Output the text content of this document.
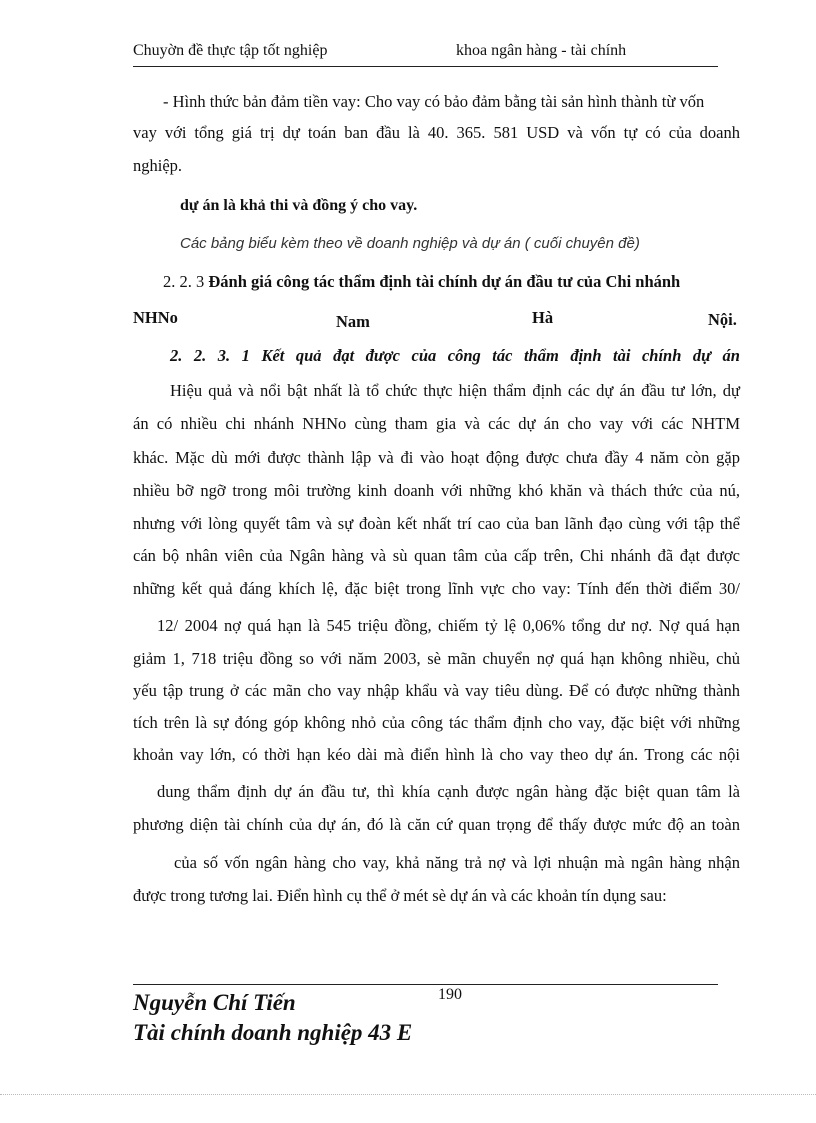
Chuyờn đề thực tập tốt nghiệp	khoa ngân hàng - tài chính
- Hình thức bản đảm tiền vay: Cho vay có bảo đảm bằng tài sản hình thành từ vốn
vay với tổng giá trị dự toán ban đầu là 40. 365. 581 USD và vốn tự có của doanh
nghiệp.
dự án là khả thi và đồng ý cho vay.
Các bảng biểu kèm theo về doanh nghiệp và dự án ( cuối chuyên đề)
2. 2. 3 Đánh giá công tác thẩm định tài chính dự án đầu tư của Chi nhánh
NHNo	Nam	Hà	Nội.
2. 2. 3. 1 Kết quả đạt được của công tác thẩm định tài chính dự án
Hiệu quả và nổi bật nhất là tổ chức thực hiện thẩm định các dự án đầu tư lớn, dự
án có nhiều chi nhánh NHNo cùng tham gia và các dự án cho vay với các NHTM
khác. Mặc dù mới được thành lập và đi vào hoạt động được chưa đầy 4 năm còn gặp
nhiều bỡ ngỡ trong môi trường kinh doanh với những khó khăn và thách thức của nú,
nhưng với lòng quyết tâm và sự đoàn kết nhất trí cao của ban lãnh đạo cùng với tập thể
cán bộ nhân viên của Ngân hàng và sù quan tâm của cấp trên, Chi nhánh đã đạt được
những kết quả đáng khích lệ, đặc biệt trong lĩnh vực cho vay: Tính đến thời điểm 30/
12/ 2004 nợ quá hạn là 545 triệu đồng, chiếm tỷ lệ 0,06% tổng dư nợ. Nợ quá hạn
giảm 1, 718 triệu đồng so với năm 2003, sè mãn chuyển nợ quá hạn không nhiều, chủ
yếu tập trung ở các mãn cho vay nhập khẩu và vay tiêu dùng. Để có được những thành
tích trên là sự đóng góp không nhỏ của công tác thẩm định cho vay, đặc biệt với những
khoản vay lớn, có thời hạn kéo dài mà điển hình là cho vay theo dự án. Trong các nội
dung thẩm định dự án đầu tư, thì khía cạnh được ngân hàng đặc biệt quan tâm là
phương diện tài chính của dự án, đó là căn cứ quan trọng để thấy được mức độ an toàn
của số vốn ngân hàng cho vay, khả năng trả nợ và lợi nhuận mà ngân hàng nhận
được trong tương lai. Điển hình cụ thể ở mét sè dự án và các khoản tín dụng sau:
190
Nguyễn Chí Tiến
Tài chính doanh nghiệp 43 E
